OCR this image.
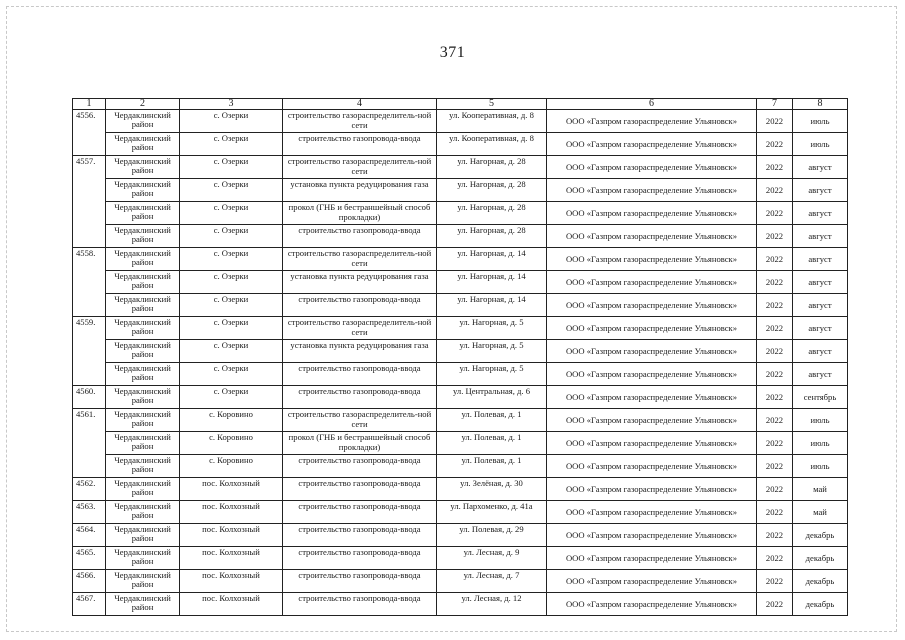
371
1	2	3	4	5	6	7	8
4556.	Чердаклинский район	с. Озерки	строительство газораспределитель-ной сети	ул. Кооперативная, д. 8	ООО «Газпром газораспределение Ульяновск»	2022	июль
	Чердаклинский район	с. Озерки	строительство газопровода-ввода	ул. Кооперативная, д. 8	ООО «Газпром газораспределение Ульяновск»	2022	июль
4557.	Чердаклинский район	с. Озерки	строительство газораспределитель-ной сети	ул. Нагорная, д. 28	ООО «Газпром газораспределение Ульяновск»	2022	август
	Чердаклинский район	с. Озерки	установка пункта редуцирования газа	ул. Нагорная, д. 28	ООО «Газпром газораспределение Ульяновск»	2022	август
	Чердаклинский район	с. Озерки	прокол (ГНБ и бестраншейный способ прокладки)	ул. Нагорная, д. 28	ООО «Газпром газораспределение Ульяновск»	2022	август
	Чердаклинский район	с. Озерки	строительство газопровода-ввода	ул. Нагорная, д. 28	ООО «Газпром газораспределение Ульяновск»	2022	август
4558.	Чердаклинский район	с. Озерки	строительство газораспределитель-ной сети	ул. Нагорная, д. 14	ООО «Газпром газораспределение Ульяновск»	2022	август
	Чердаклинский район	с. Озерки	установка пункта редуцирования газа	ул. Нагорная, д. 14	ООО «Газпром газораспределение Ульяновск»	2022	август
	Чердаклинский район	с. Озерки	строительство газопровода-ввода	ул. Нагорная, д. 14	ООО «Газпром газораспределение Ульяновск»	2022	август
4559.	Чердаклинский район	с. Озерки	строительство газораспределитель-ной сети	ул. Нагорная, д. 5	ООО «Газпром газораспределение Ульяновск»	2022	август
	Чердаклинский район	с. Озерки	установка пункта редуцирования газа	ул. Нагорная, д. 5	ООО «Газпром газораспределение Ульяновск»	2022	август
	Чердаклинский район	с. Озерки	строительство газопровода-ввода	ул. Нагорная, д. 5	ООО «Газпром газораспределение Ульяновск»	2022	август
4560.	Чердаклинский район	с. Озерки	строительство газопровода-ввода	ул. Центральная, д. 6	ООО «Газпром газораспределение Ульяновск»	2022	сентябрь
4561.	Чердаклинский район	с. Коровино	строительство газораспределитель-ной сети	ул. Полевая, д. 1	ООО «Газпром газораспределение Ульяновск»	2022	июль
	Чердаклинский район	с. Коровино	прокол (ГНБ и бестраншейный способ прокладки)	ул. Полевая, д. 1	ООО «Газпром газораспределение Ульяновск»	2022	июль
	Чердаклинский район	с. Коровино	строительство газопровода-ввода	ул. Полевая, д. 1	ООО «Газпром газораспределение Ульяновск»	2022	июль
4562.	Чердаклинский район	пос. Колхозный	строительство газопровода-ввода	ул. Зелёная, д. 30	ООО «Газпром газораспределение Ульяновск»	2022	май
4563.	Чердаклинский район	пос. Колхозный	строительство газопровода-ввода	ул. Пархоменко, д. 41а	ООО «Газпром газораспределение Ульяновск»	2022	май
4564.	Чердаклинский район	пос. Колхозный	строительство газопровода-ввода	ул. Полевая, д. 29	ООО «Газпром газораспределение Ульяновск»	2022	декабрь
4565.	Чердаклинский район	пос. Колхозный	строительство газопровода-ввода	ул. Лесная, д. 9	ООО «Газпром газораспределение Ульяновск»	2022	декабрь
4566.	Чердаклинский район	пос. Колхозный	строительство газопровода-ввода	ул. Лесная, д. 7	ООО «Газпром газораспределение Ульяновск»	2022	декабрь
4567.	Чердаклинский район	пос. Колхозный	строительство газопровода-ввода	ул. Лесная, д. 12	ООО «Газпром газораспределение Ульяновск»	2022	декабрь
